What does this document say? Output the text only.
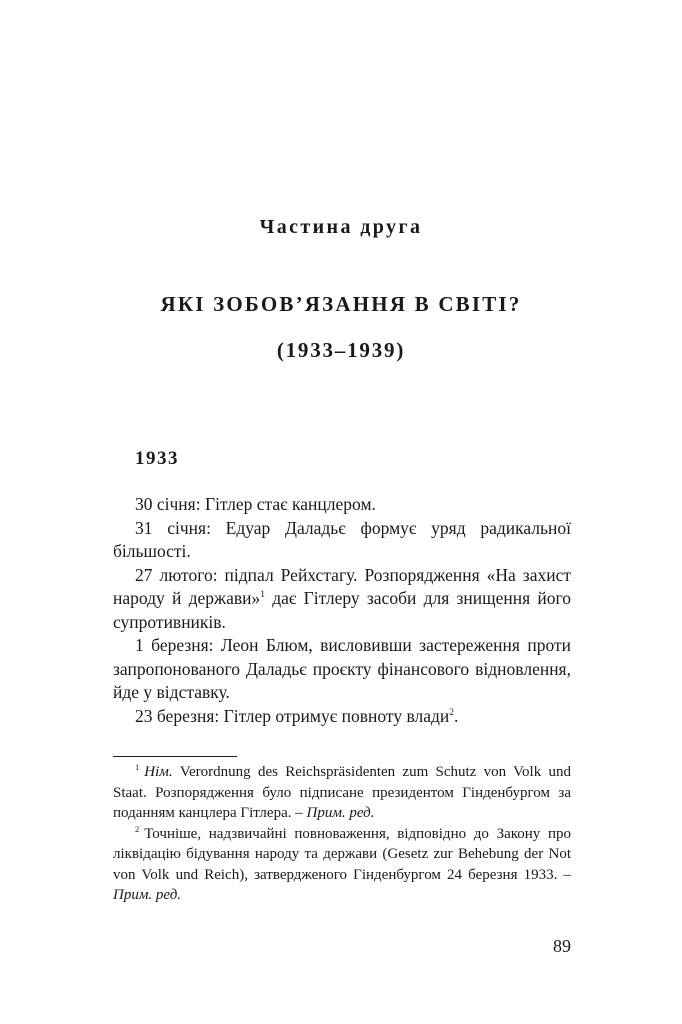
Частина друга
ЯКІ ЗОБОВ’ЯЗАННЯ В СВІТІ?
(1933–1939)
1933

30 січня: Гітлер стає канцлером.

31 січня: Едуар Даладьє формує уряд радикальної більшості.

27 лютого: підпал Рейхстагу. Розпорядження «На захист народу й держави»$^1$ дає Гітлеру засоби для знищення його супротивників.

1 березня: Леон Блюм, висловивши застереження проти запропонованого Даладьє проєкту фінансового відновлення, йде у відставку.

23 березня: Гітлер отримує повноту влади$^2$.

$^1$ Нім. Verordnung des Reichspräsidenten zum Schutz von Volk und Staat. Розпорядження було підписане президентом Гінденбургом за поданням канцлера Гітлера. – Прим. ред.

$^2$ Точніше, надзвичайні повноваження, відповідно до Закону про ліквідацію бідування народу та держави (Gesetz zur Behebung der Not von Volk und Reich), затвердженого Гінденбургом 24 березня 1933. – Прим. ред.

89
